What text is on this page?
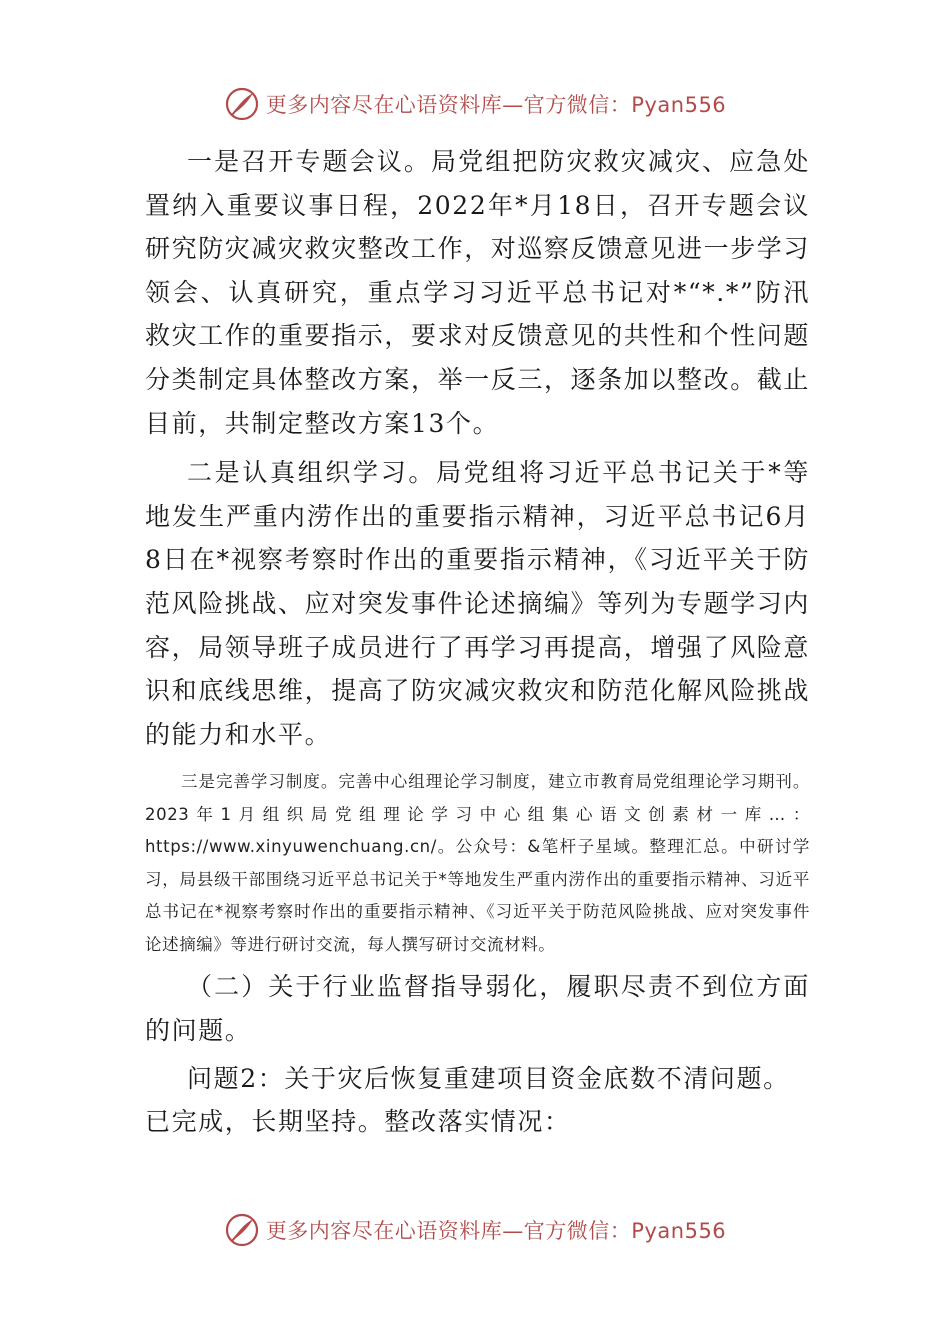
更多内容尽在心语资料库—官方微信：Pyan556

一是召开专题会议。局党组把防灾救灾减灾、应急处置纳入重要议事日程，2022年*月18日，召开专题会议研究防灾减灾救灾整改工作，对巡察反馈意见进一步学习领会、认真研究，重点学习习近平总书记对*“*.*”防汛救灾工作的重要指示，要求对反馈意见的共性和个性问题分类制定具体整改方案，举一反三，逐条加以整改。截止目前，共制定整改方案13个。

二是认真组织学习。局党组将习近平总书记关于*等地发生严重内涝作出的重要指示精神，习近平总书记6月8日在*视察考察时作出的重要指示精神，《习近平关于防范风险挑战、应对突发事件论述摘编》等列为专题学习内容，局领导班子成员进行了再学习再提高，增强了风险意识和底线思维，提高了防灾减灾救灾和防范化解风险挑战的能力和水平。

三是完善学习制度。完善中心组理论学习制度，建立市教育局党组理论学习期刊。2023年1月组织局党组理论学习中心组集心语文创素材一库…：https://www.xinyuwenchuang.cn/。公众号：&笔杆子星域。整理汇总。中研讨学习，局县级干部围绕习近平总书记关于*等地发生严重内涝作出的重要指示精神、习近平总书记在*视察考察时作出的重要指示精神、《习近平关于防范风险挑战、应对突发事件论述摘编》等进行研讨交流，每人撰写研讨交流材料。

（二）关于行业监督指导弱化，履职尽责不到位方面的问题。

问题2：关于灾后恢复重建项目资金底数不清问题。

已完成，长期坚持。整改落实情况：

更多内容尽在心语资料库—官方微信：Pyan556
